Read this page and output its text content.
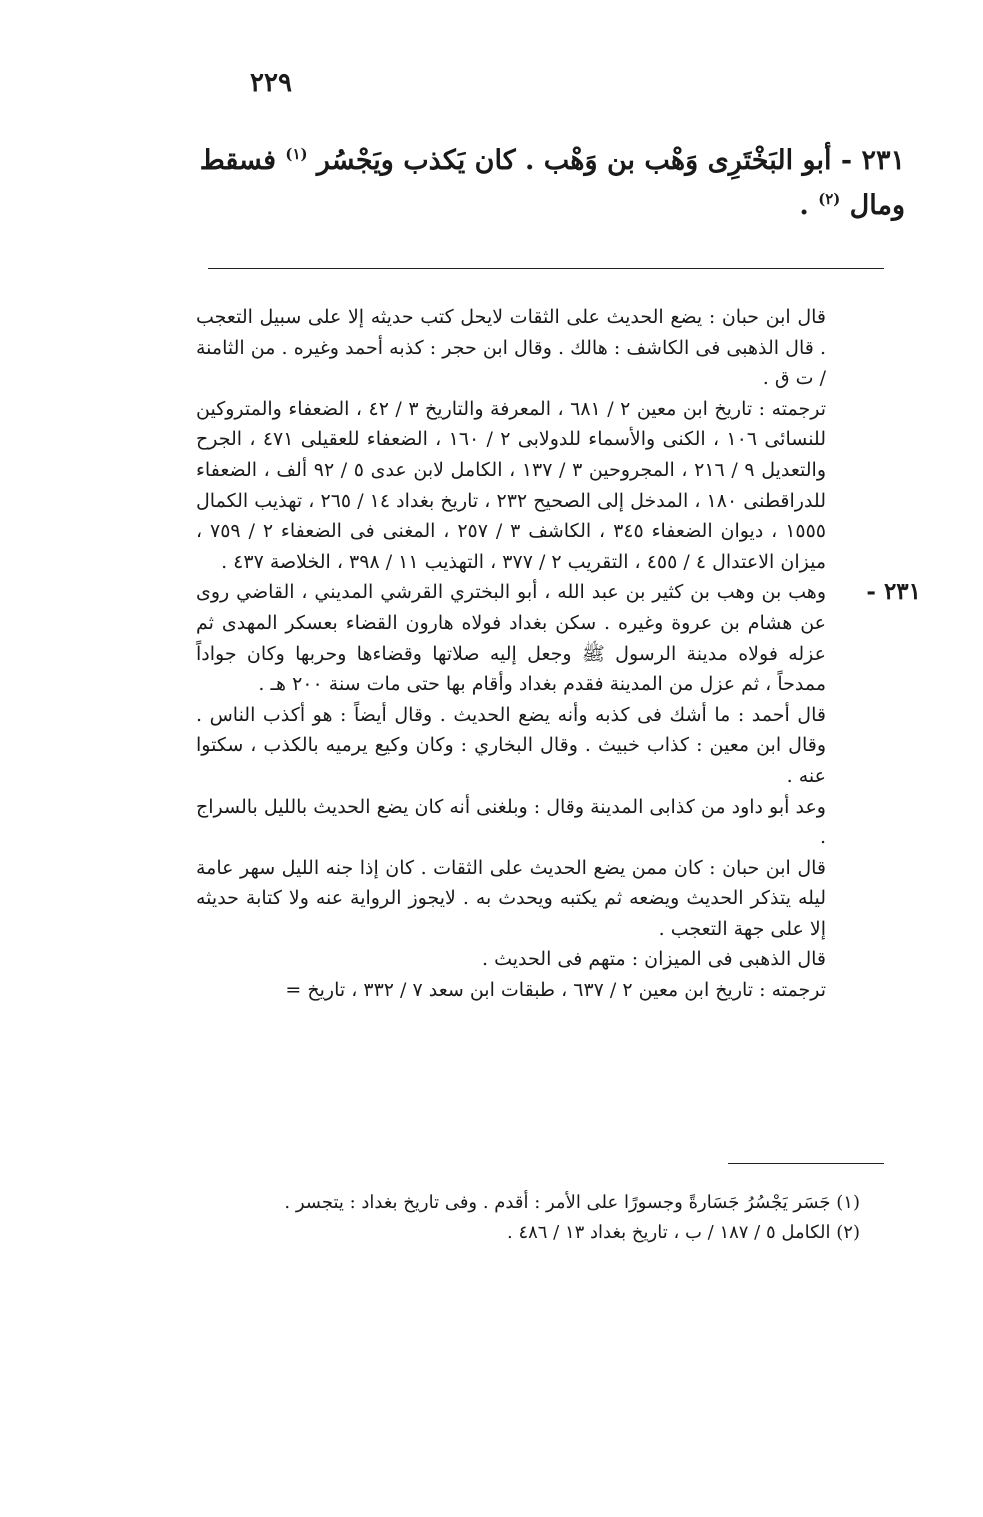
٢٢٩
٢٣١ - أبو البَخْتَرِى وَهْب بن وَهْب . كان يَكذب ويَجْسُر $^{(١)}$ فسقط ومال $^{(٢)}$ .

قال ابن حبان : يضع الحديث على الثقات لايحل كتب حديثه إلا على سبيل التعجب . قال الذهبى فى الكاشف : هالك . وقال ابن حجر : كذبه أحمد وغيره . من الثامنة / ت ق .

ترجمته : تاريخ ابن معين ٢ / ٦٨١ ، المعرفة والتاريخ ٣ / ٤٢ ، الضعفاء والمتروكين للنسائى ١٠٦ ، الكنى والأسماء للدولابى ٢ / ١٦٠ ، الضعفاء للعقيلى ٤٧١ ، الجرح والتعديل ٩ / ٢١٦ ، المجروحين ٣ / ١٣٧ ، الكامل لابن عدى ٥ / ٩٢ ألف ، الضعفاء للدراقطنى ١٨٠ ، المدخل إلى الصحيح ٢٣٢ ، تاريخ بغداد ١٤ / ٢٦٥ ، تهذيب الكمال ١٥٥٥ ، ديوان الضعفاء ٣٤٥ ، الكاشف ٣ / ٢٥٧ ، المغنى فى الضعفاء ٢ / ٧٥٩ ، ميزان الاعتدال ٤ / ٤٥٥ ، التقريب ٢ / ٣٧٧ ، التهذيب ١١ / ٣٩٨ ، الخلاصة ٤٣٧ .

٢٣١ -

وهب بن وهب بن كثير بن عبد الله ، أبو البختري القرشي المديني ، القاضي روى عن هشام بن عروة وغيره . سكن بغداد فولاه هارون القضاء بعسكر المهدى ثم عزله فولاه مدينة الرسول ﷺ وجعل إليه صلاتها وقضاءها وحربها وكان جواداً ممدحاً ، ثم عزل من المدينة فقدم بغداد وأقام بها حتى مات سنة ٢٠٠ هـ .

قال أحمد : ما أشك فى كذبه وأنه يضع الحديث . وقال أيضاً : هو أكذب الناس . وقال ابن معين : كذاب خبيث . وقال البخاري : وكان وكيع يرميه بالكذب ، سكتوا عنه .

وعد أبو داود من كذابى المدينة وقال : وبلغنى أنه كان يضع الحديث بالليل بالسراج .

قال ابن حبان : كان ممن يضع الحديث على الثقات . كان إذا جنه الليل سهر عامة ليله يتذكر الحديث ويضعه ثم يكتبه ويحدث به . لايجوز الرواية عنه ولا كتابة حديثه إلا على جهة التعجب .

قال الذهبى فى الميزان : متهم فى الحديث .

ترجمته : تاريخ ابن معين ٢ / ٦٣٧ ، طبقات ابن سعد ٧ / ٣٣٢ ، تاريخ =

(١) جَسَر يَجْسُرُ جَسَارةً وجسورًا على الأمر : أقدم . وفى تاريخ بغداد : يتجسر .

(٢) الكامل ٥ / ١٨٧ / ب ، تاريخ بغداد ١٣ / ٤٨٦ .
